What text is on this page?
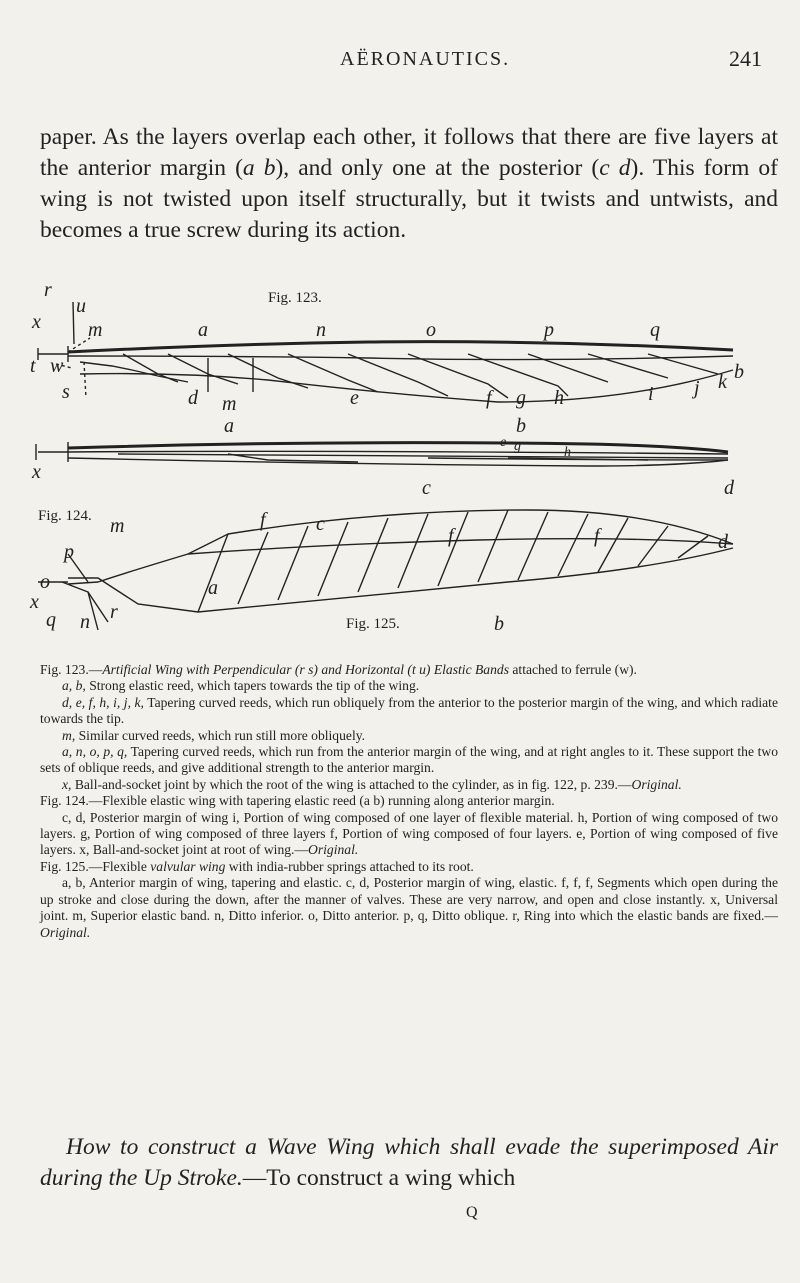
AËRONAUTICS.	241
paper. As the layers overlap each other, it follows that there are five layers at the anterior margin (a b), and only one at the posterior (c d). This form of wing is not twisted upon itself structurally, but it twists and untwists, and becomes a true screw during its action.
r
u
x m	a	n	o	p	q
t w
s	d m	e	f g h	i j k b
a	b
x
e g	h
f
c	d
m	c
f	f	d
p
o	a
x	r
q n	b
Fig. 123.
Fig. 124.
Fig. 125.

Fig. 123.—Artificial Wing with Perpendicular (r s) and Horizontal (t u) Elastic Bands attached to ferrule (w).

a, b, Strong elastic reed, which tapers towards the tip of the wing.

d, e, f, h, i, j, k, Tapering curved reeds, which run obliquely from the anterior to the posterior margin of the wing, and which radiate towards the tip.

m, Similar curved reeds, which run still more obliquely.

a, n, o, p, q, Tapering curved reeds, which run from the anterior margin of the wing, and at right angles to it. These support the two sets of oblique reeds, and give additional strength to the anterior margin.

x, Ball-and-socket joint by which the root of the wing is attached to the cylinder, as in fig. 122, p. 239.—Original.

Fig. 124.—Flexible elastic wing with tapering elastic reed (a b) running along anterior margin.

c, d, Posterior margin of wing i, Portion of wing composed of one layer of flexible material. h, Portion of wing composed of two layers. g, Portion of wing composed of three layers f, Portion of wing composed of four layers. e, Portion of wing composed of five layers. x, Ball-and-socket joint at root of wing.—Original.

Fig. 125.—Flexible valvular wing with india-rubber springs attached to its root.

a, b, Anterior margin of wing, tapering and elastic. c, d, Posterior margin of wing, elastic. f, f, f, Segments which open during the up stroke and close during the down, after the manner of valves. These are very narrow, and open and close instantly. x, Universal joint. m, Superior elastic band. n, Ditto inferior. o, Ditto anterior. p, q, Ditto oblique. r, Ring into which the elastic bands are fixed.—Original.

How to construct a Wave Wing which shall evade the superimposed Air during the Up Stroke.—To construct a wing which
Q
